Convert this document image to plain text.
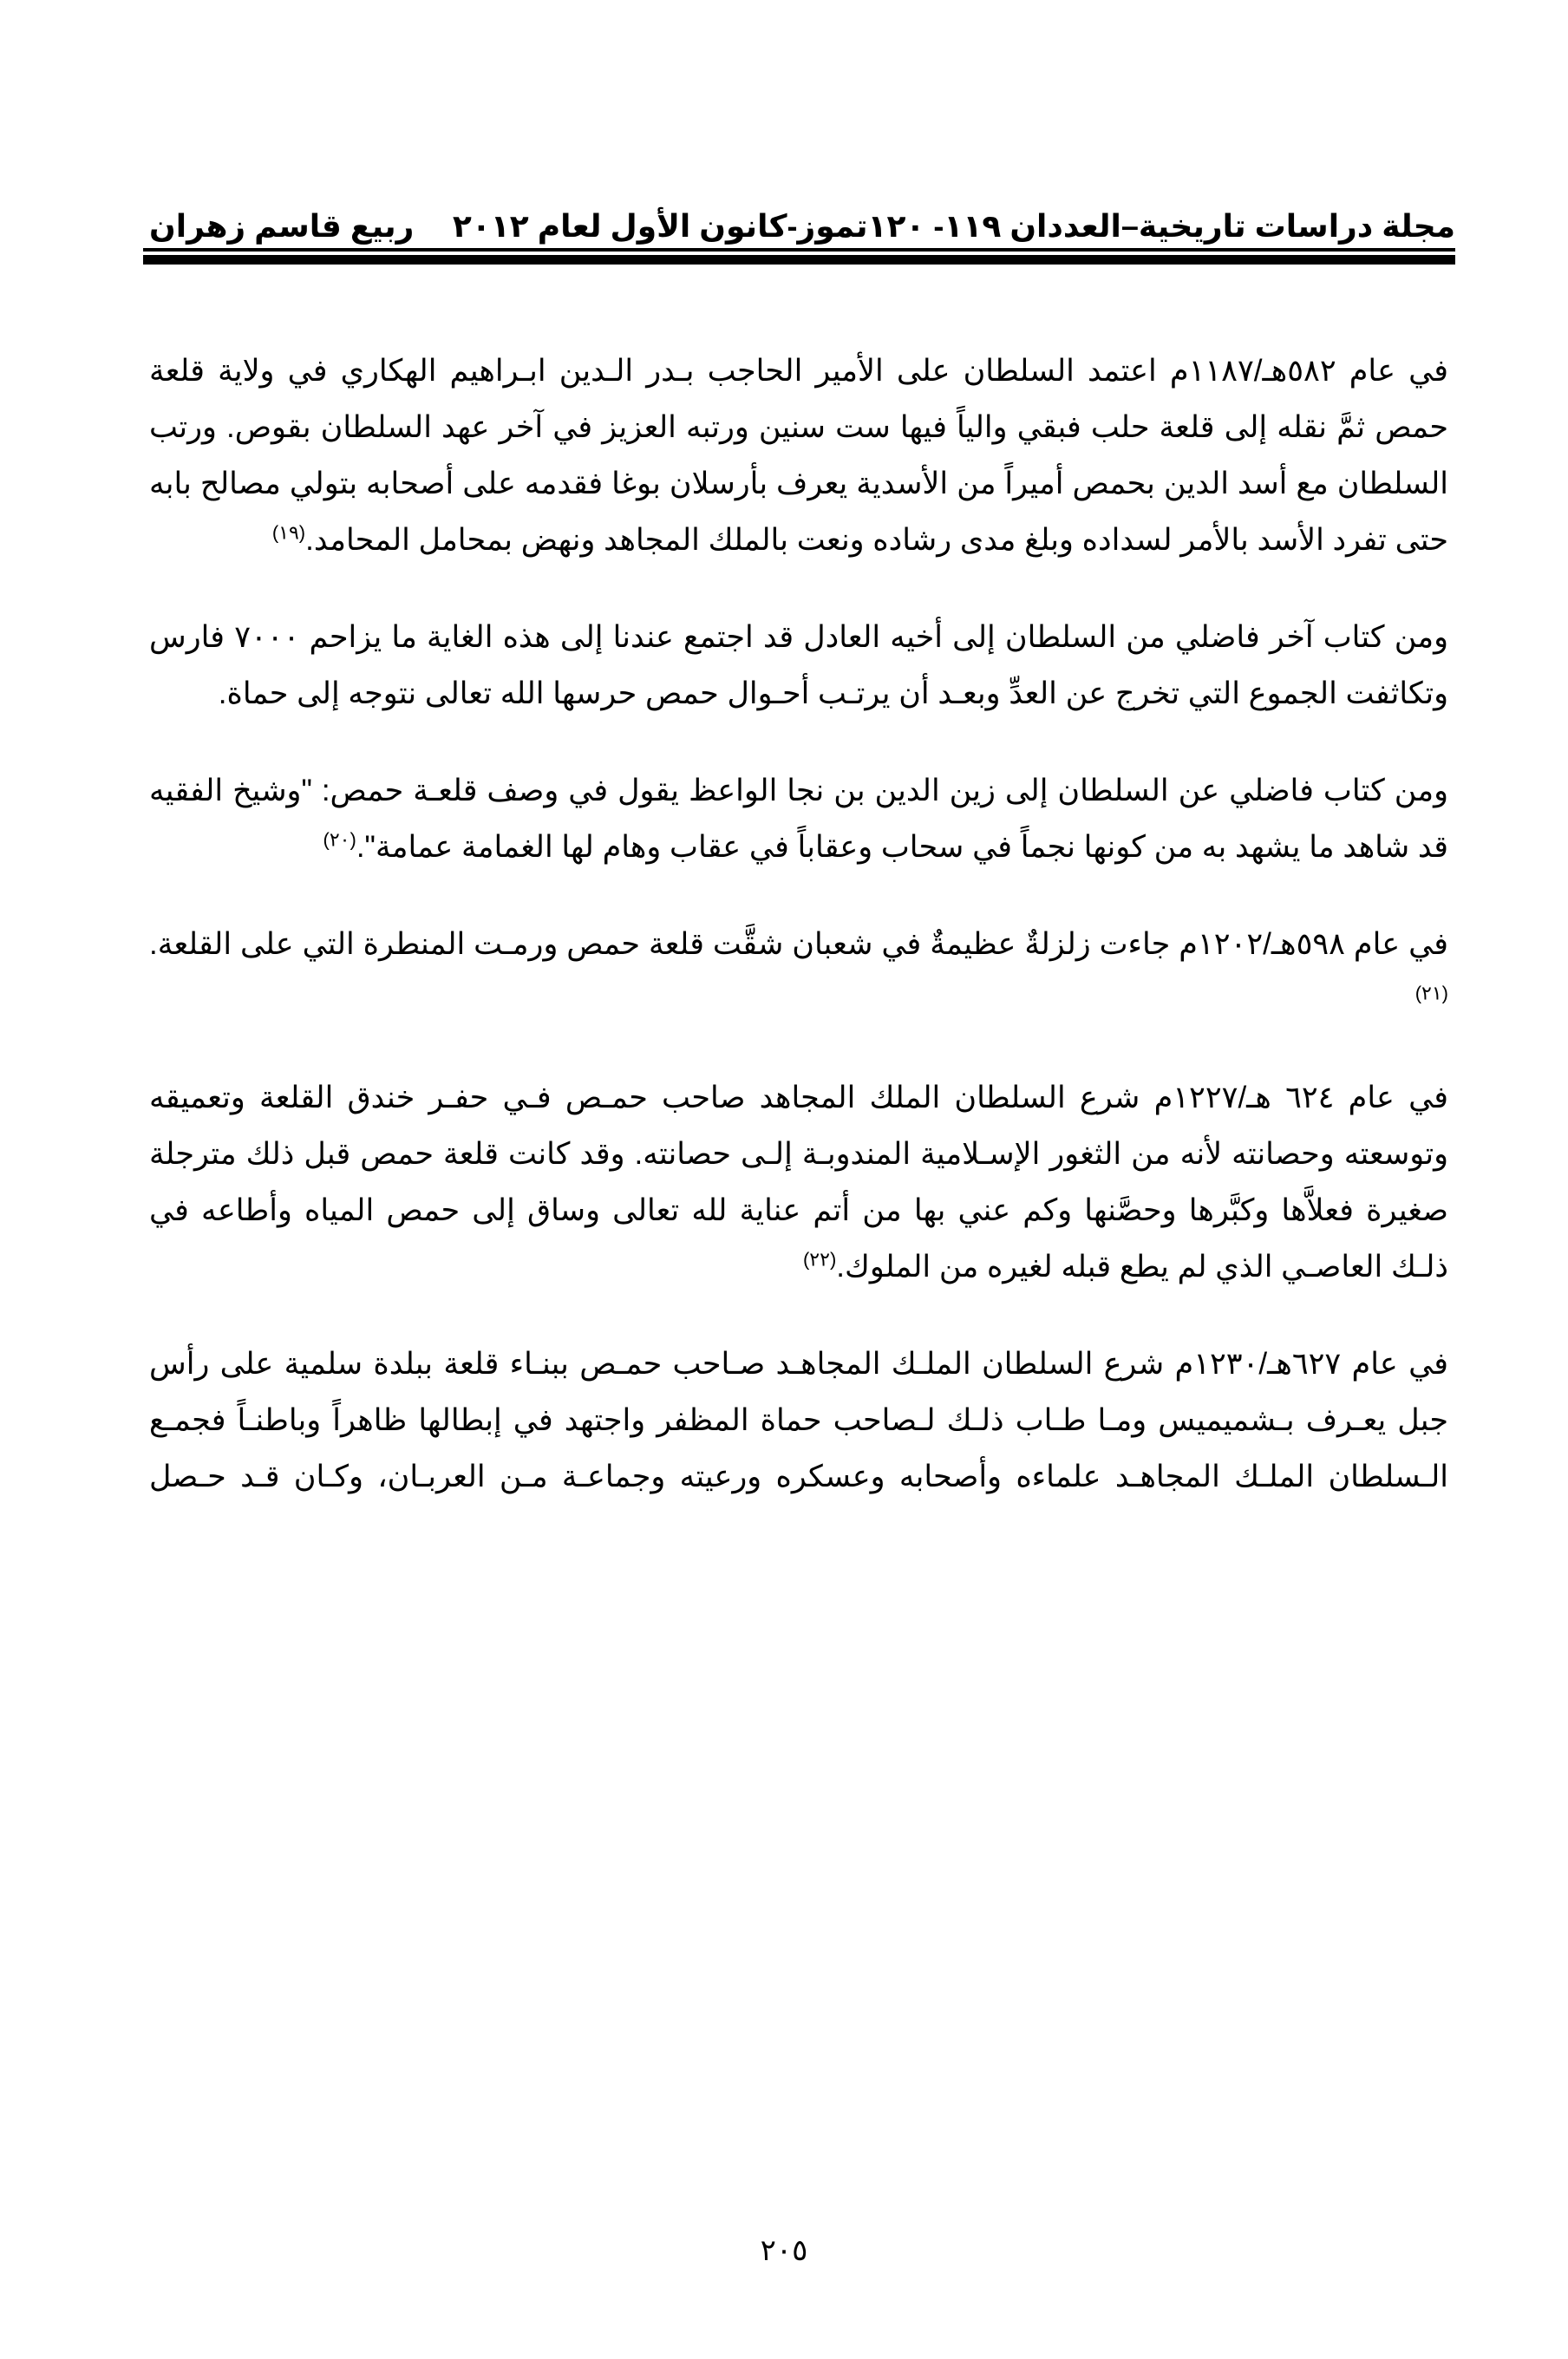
مجلة دراسات تاريخية–العددان ١١٩- ١٢٠تموز-كانون الأول لعام ٢٠١٢
ربيع قاسم زهران

في عام ٥٨٢هـ/١١٨٧م اعتمد السلطان على الأمير الحاجب بـدر الـدين ابـراهيم الهكاري في ولاية قلعة حمص ثمَّ نقله إلى قلعة حلب فبقي والياً فيها ست سنين ورتبه العزيز في آخر عهد السلطان بقوص. ورتب السلطان مع أسد الدين بحمص أميراً من الأسدية يعرف بأرسلان بوغا فقدمه على أصحابه بتولي مصالح بابه حتى تفرد الأسد بالأمر لسداده وبلغ مدى رشاده ونعت بالملك المجاهد ونهض بمحامل المحامد.$^{(١٩)}$

ومن كتاب آخر فاضلي من السلطان إلى أخيه العادل قد اجتمع عندنا إلى هذه الغاية ما يزاحم ٧٠٠٠ فارس وتكاثفت الجموع التي تخرج عن العدِّ وبعـد أن يرتـب أحـوال حمص حرسها الله تعالى نتوجه إلى حماة.

ومن كتاب فاضلي عن السلطان إلى زين الدين بن نجا الواعظ يقول في وصف قلعـة حمص: "وشيخ الفقيه قد شاهد ما يشهد به من كونها نجماً في سحاب وعقاباً في عقاب وهام لها الغمامة عمامة".$^{(٢٠)}$

في عام ٥٩٨هـ/١٢٠٢م جاءت زلزلةٌ عظيمةٌ في شعبان شقَّت قلعة حمص ورمـت المنطرة التي على القلعة.$^{(٢١)}$

في عام ٦٢٤ هـ/١٢٢٧م شرع السلطان الملك المجاهد صاحب حمـص فـي حفـر خندق القلعة وتعميقه وتوسعته وحصانته لأنه من الثغور الإسـلامية المندوبـة إلـى حصانته. وقد كانت قلعة حمص قبل ذلك مترجلة صغيرة فعلاَّها وكبَّرها وحصَّنها وكم عني بها من أتم عناية لله تعالى وساق إلى حمص المياه وأطاعه في ذلـك العاصـي الذي لم يطع قبله لغيره من الملوك.$^{(٢٢)}$

في عام ٦٢٧هـ/١٢٣٠م شرع السلطان الملـك المجاهـد صـاحب حمـص ببنـاء قلعة ببلدة سلمية على رأس جبل يعـرف بـشميميس ومـا طـاب ذلـك لـصاحب حماة المظفر واجتهد في إبطالها ظاهراً وباطنـاً فجمـع الـسلطان الملـك المجاهـد علماءه وأصحابه وعسكره ورعيته وجماعـة مـن العربـان، وكـان قـد حـصل

٢٠٥
